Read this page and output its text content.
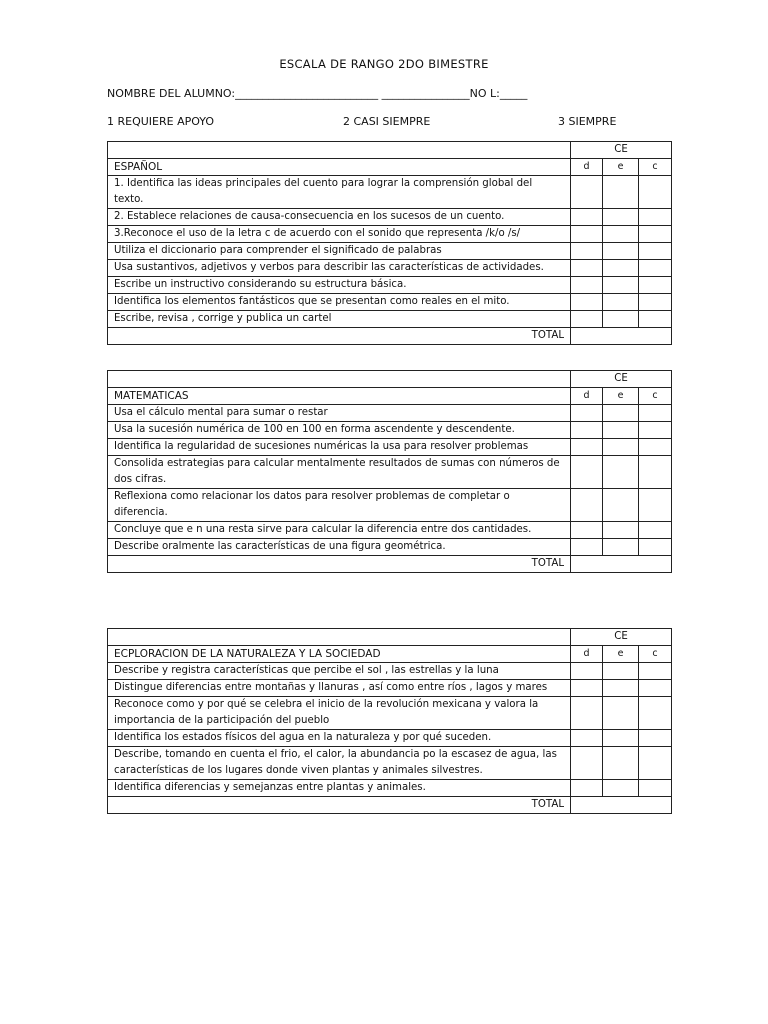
ESCALA DE RANGO 2DO BIMESTRE
NOMBRE DEL ALUMNO:__________________________ ________________NO L:_____
1 REQUIERE APOYO	2 CASI SIEMPRE	3 SIEMPRE
	CE		
ESPAÑOL	d	e	c
1. Identifica las ideas principales del cuento para lograr la comprensión global del texto.			
2. Establece relaciones de causa-consecuencia en los sucesos de un cuento.			
3.Reconoce el uso de la letra c de acuerdo con el sonido que representa /k/o /s/			
Utiliza el diccionario para comprender el significado de palabras			
Usa sustantivos, adjetivos y verbos para describir las características de actividades.			
Escribe un instructivo considerando su estructura básica.			
Identifica los elementos fantásticos que se presentan como reales en el mito.			
Escribe, revisa , corrige y publica un cartel			
TOTAL			
	CE		
MATEMATICAS	d	e	c
Usa el cálculo mental para sumar o restar			
Usa la sucesión numérica de 100 en 100 en forma ascendente y descendente.			
Identifica la regularidad de sucesiones numéricas la usa para resolver problemas			
Consolida estrategias para calcular mentalmente resultados de sumas con números de dos cifras.			
Reflexiona como relacionar los datos para resolver problemas de completar o diferencia.			
Concluye que e n una resta sirve para calcular la diferencia entre dos cantidades.			
Describe oralmente las características de una figura geométrica.			
TOTAL			
	CE		
ECPLORACION DE LA NATURALEZA Y LA SOCIEDAD	d	e	c
Describe y registra características que percibe el sol , las estrellas y la luna			
Distingue diferencias entre montañas y llanuras , así como entre ríos , lagos y mares			
Reconoce como y por qué se celebra el inicio de la revolución mexicana y valora la importancia de la participación del pueblo			
Identifica los estados físicos del agua en la naturaleza y por qué suceden.			
Describe, tomando en cuenta el frio, el calor, la abundancia po la escasez de agua, las características de los lugares donde viven plantas y animales silvestres.			
Identifica diferencias y semejanzas entre plantas y animales.			
TOTAL			
